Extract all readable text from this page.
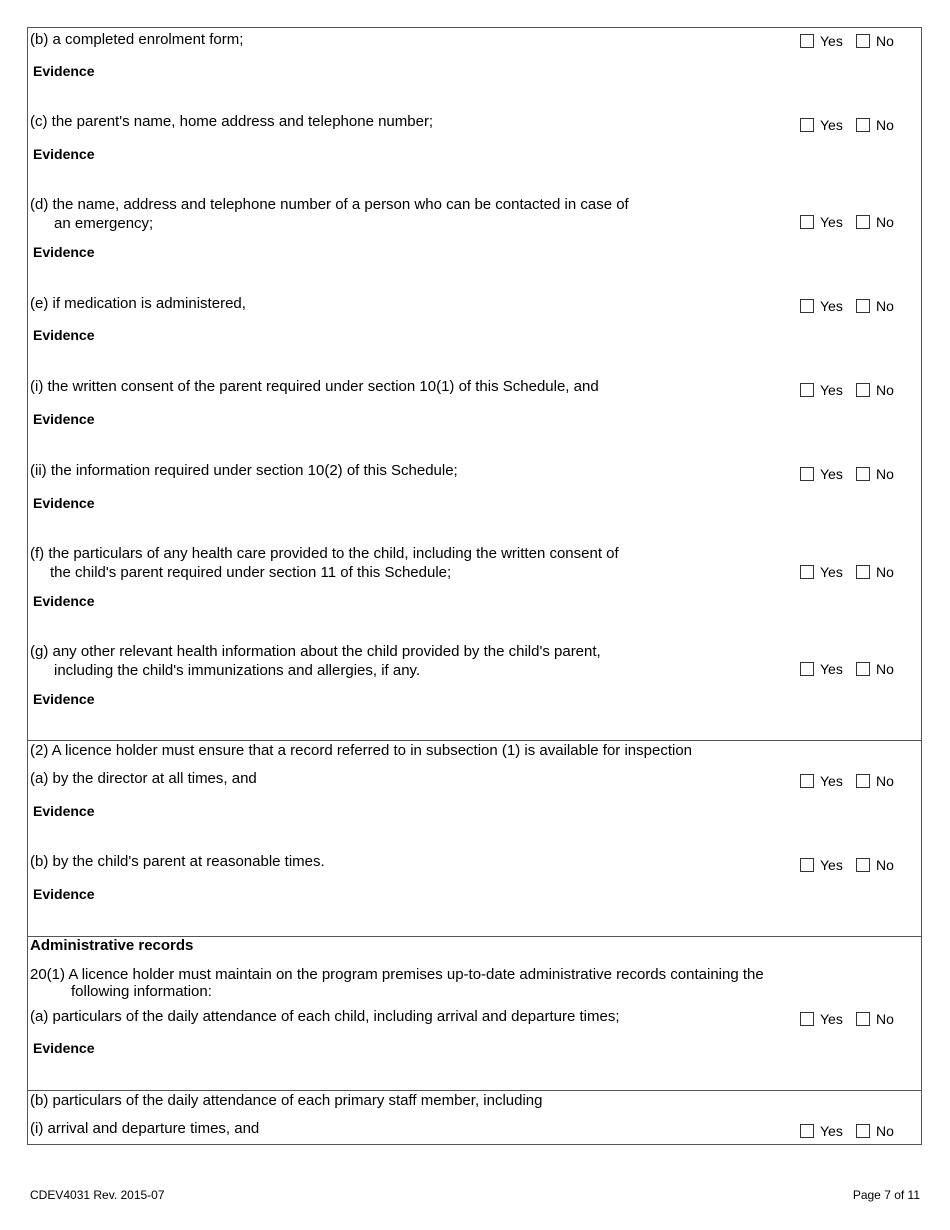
(b) a completed enrolment form;	Yes No
Evidence
(c) the parent's name, home address and telephone number;	Yes No
Evidence
(d) the name, address and telephone number of a person who can be contacted in case of
an emergency;	Yes No
Evidence
(e) if medication is administered,	Yes No
Evidence
(i) the written consent of the parent required under section 10(1) of this Schedule, and	Yes No
Evidence
(ii) the information required under section 10(2) of this Schedule;	Yes No
Evidence
(f) the particulars of any health care provided to the child, including the written consent of
the child's parent required under section 11 of this Schedule;	Yes No
Evidence
(g) any other relevant health information about the child provided by the child's parent,
including the child's immunizations and allergies, if any.	Yes No
Evidence
(2) A licence holder must ensure that a record referred to in subsection (1) is available for inspection
(a) by the director at all times, and	Yes No
Evidence
(b) by the child's parent at reasonable times.	Yes No
Evidence
Administrative records
20(1) A licence holder must maintain on the program premises up-to-date administrative records containing the
following information:
(a) particulars of the daily attendance of each child, including arrival and departure times;	Yes No
Evidence
(b) particulars of the daily attendance of each primary staff member, including
(i) arrival and departure times, and	Yes No
CDEV4031 Rev. 2015-07	Page 7 of 11
